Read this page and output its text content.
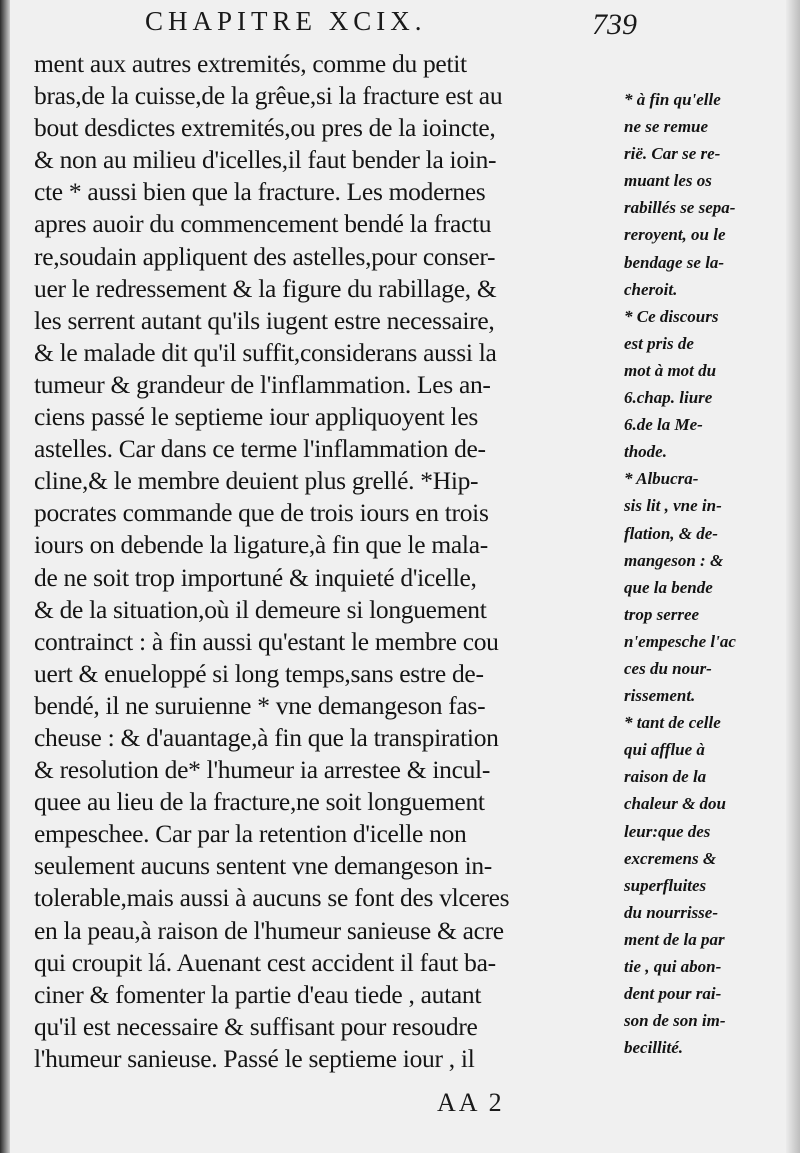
CHAPITRE XCIX.	739
ment aux autres extremités, comme du petit
bras,de la cuisse,de la grêue,si la fracture est au
bout desdictes extremités,ou pres de la ioincte,
& non au milieu d'icelles,il faut bender la ioin-
cte * aussi bien que la fracture. Les modernes
apres auoir du commencement bendé la fractu
re,soudain appliquent des astelles,pour conser-
uer le redressement & la figure du rabillage, &
les serrent autant qu'ils iugent estre necessaire,
& le malade dit qu'il suffit,considerans aussi la
tumeur & grandeur de l'inflammation. Les an-
ciens passé le septieme iour appliquoyent les
astelles. Car dans ce terme l'inflammation de-
cline,& le membre deuient plus grellé. *Hip-
pocrates commande que de trois iours en trois
iours on debende la ligature,à fin que le mala-
de ne soit trop importuné & inquieté d'icelle,
& de la situation,où il demeure si longuement
contrainct : à fin aussi qu'estant le membre cou
uert & enueloppé si long temps,sans estre de-
bendé, il ne suruienne * vne demangeson fas-
cheuse : & d'auantage,à fin que la transpiration
& resolution de* l'humeur ia arrestee & incul-
quee au lieu de la fracture,ne soit longuement
empeschee. Car par la retention d'icelle non
seulement aucuns sentent vne demangeson in-
tolerable,mais aussi à aucuns se font des vlceres
en la peau,à raison de l'humeur sanieuse & acre
qui croupit lá. Auenant cest accident il faut ba-
ciner & fomenter la partie d'eau tiede , autant
qu'il est necessaire & suffisant pour resoudre
l'humeur sanieuse. Passé le septieme iour , il
* à fin qu'elle
ne se remue
rië. Car se re-
muant les os
rabillés se sepa-
reroyent, ou le
bendage se la-
cheroit.
* Ce discours
est pris de
mot à mot du
6.chap. liure
6.de la Me-
thode.
* Albucra-
sis lit , vne in-
flation, & de-
mangeson : &
que la bende
trop serree
n'empesche l'ac
ces du nour-
rissement.
* tant de celle
qui afflue à
raison de la
chaleur & dou
leur:que des
excremens &
superfluites
du nourrisse-
ment de la par
tie , qui abon-
dent pour rai-
son de son im-
becillité.
AA 2
